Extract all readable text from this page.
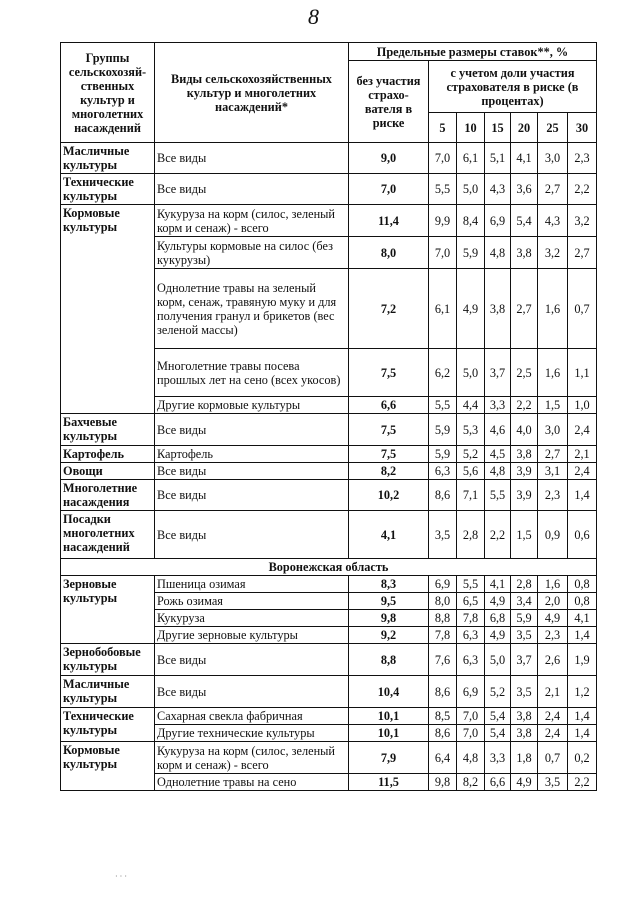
8
Группы сельскохозяй-ственных культур и многолетних насаждений	Виды сельскохозяйственных культур и многолетних насаждений*	Предельные размеры ставок**, %						
		без участия страхо-вателя в риске	с учетом доли участия страхователя в риске (в процентах)					
			5	10	15	20	25	30
Масличные культуры	Все виды	9,0	7,0	6,1	5,1	4,1	3,0	2,3
Технические культуры	Все виды	7,0	5,5	5,0	4,3	3,6	2,7	2,2
Кормовые культуры	Кукуруза на корм (силос, зеленый корм и сенаж) - всего	11,4	9,9	8,4	6,9	5,4	4,3	3,2
	Культуры кормовые на силос (без кукурузы)	8,0	7,0	5,9	4,8	3,8	3,2	2,7
	Однолетние травы на зеленый корм, сенаж, травяную муку и для получения гранул и брикетов (вес зеленой массы)	7,2	6,1	4,9	3,8	2,7	1,6	0,7
	Многолетние травы посева прошлых лет на сено (всех укосов)	7,5	6,2	5,0	3,7	2,5	1,6	1,1
	Другие кормовые культуры	6,6	5,5	4,4	3,3	2,2	1,5	1,0
Бахчевые культуры	Все виды	7,5	5,9	5,3	4,6	4,0	3,0	2,4
Картофель	Картофель	7,5	5,9	5,2	4,5	3,8	2,7	2,1
Овощи	Все виды	8,2	6,3	5,6	4,8	3,9	3,1	2,4
Многолетние насаждения	Все виды	10,2	8,6	7,1	5,5	3,9	2,3	1,4
Посадки многолетних насаждений	Все виды	4,1	3,5	2,8	2,2	1,5	0,9	0,6
Воронежская область								
Зерновые культуры	Пшеница озимая	8,3	6,9	5,5	4,1	2,8	1,6	0,8
	Рожь озимая	9,5	8,0	6,5	4,9	3,4	2,0	0,8
	Кукуруза	9,8	8,8	7,8	6,8	5,9	4,9	4,1
	Другие зерновые культуры	9,2	7,8	6,3	4,9	3,5	2,3	1,4
Зернобобовые культуры	Все виды	8,8	7,6	6,3	5,0	3,7	2,6	1,9
Масличные культуры	Все виды	10,4	8,6	6,9	5,2	3,5	2,1	1,2
Технические культуры	Сахарная свекла фабричная	10,1	8,5	7,0	5,4	3,8	2,4	1,4
	Другие технические культуры	10,1	8,6	7,0	5,4	3,8	2,4	1,4
Кормовые культуры	Кукуруза на корм (силос, зеленый корм и сенаж) - всего	7,9	6,4	4,8	3,3	1,8	0,7	0,2
	Однолетние травы на сено	11,5	9,8	8,2	6,6	4,9	3,5	2,2
· · ·
